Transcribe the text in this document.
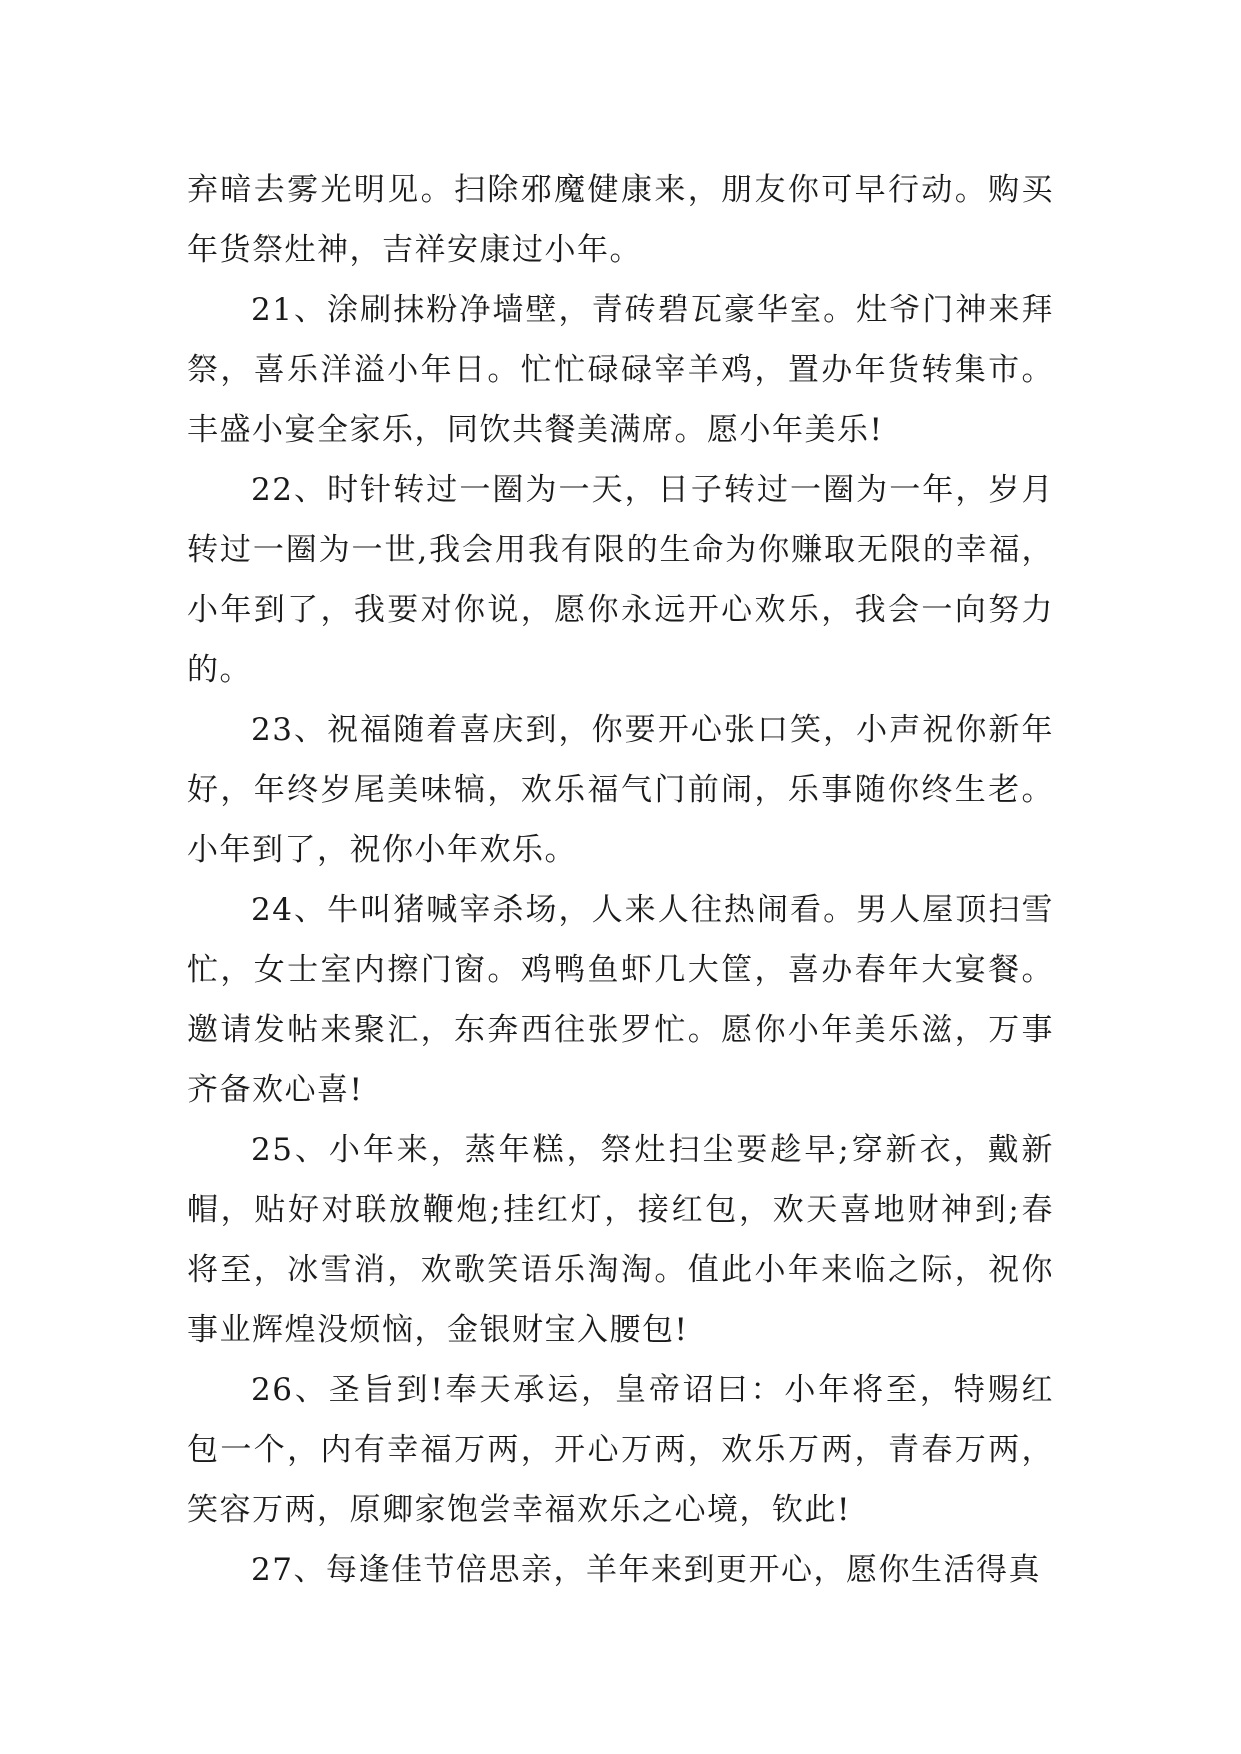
弃暗去雾光明见。扫除邪魔健康来，朋友你可早行动。购买年货祭灶神，吉祥安康过小年。

21、涂刷抹粉净墙壁，青砖碧瓦豪华室。灶爷门神来拜祭，喜乐洋溢小年日。忙忙碌碌宰羊鸡，置办年货转集市。丰盛小宴全家乐，同饮共餐美满席。愿小年美乐!

22、时针转过一圈为一天，日子转过一圈为一年，岁月转过一圈为一世,我会用我有限的生命为你赚取无限的幸福，小年到了，我要对你说，愿你永远开心欢乐，我会一向努力的。

23、祝福随着喜庆到，你要开心张口笑，小声祝你新年好，年终岁尾美味犒，欢乐福气门前闹，乐事随你终生老。小年到了，祝你小年欢乐。

24、牛叫猪喊宰杀场，人来人往热闹看。男人屋顶扫雪忙，女士室内擦门窗。鸡鸭鱼虾几大筐，喜办春年大宴餐。邀请发帖来聚汇，东奔西往张罗忙。愿你小年美乐滋，万事齐备欢心喜!

25、小年来，蒸年糕，祭灶扫尘要趁早;穿新衣，戴新帽，贴好对联放鞭炮;挂红灯，接红包，欢天喜地财神到;春将至，冰雪消，欢歌笑语乐淘淘。值此小年来临之际，祝你事业辉煌没烦恼，金银财宝入腰包!

26、圣旨到!奉天承运，皇帝诏曰：小年将至，特赐红包一个，内有幸福万两，开心万两，欢乐万两，青春万两，笑容万两，原卿家饱尝幸福欢乐之心境，钦此!

27、每逢佳节倍思亲，羊年来到更开心，愿你生活得真
